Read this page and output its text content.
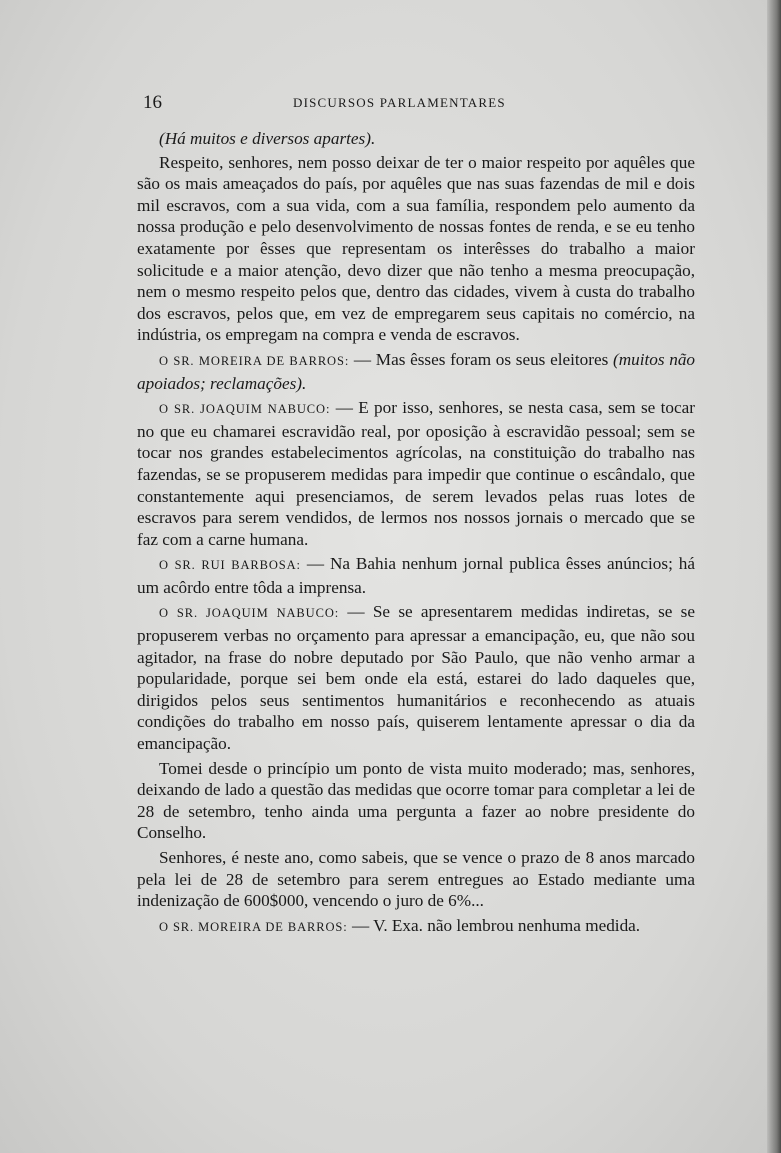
16	DISCURSOS PARLAMENTARES

(Há muitos e diversos apartes).

Respeito, senhores, nem posso deixar de ter o maior respeito por aquêles que são os mais ameaçados do país, por aquêles que nas suas fazendas de mil e dois mil escravos, com a sua vida, com a sua família, respondem pelo aumento da nossa produção e pelo desenvolvimento de nossas fontes de renda, e se eu tenho exatamente por êsses que representam os interêsses do trabalho a maior solicitude e a maior atenção, devo dizer que não tenho a mesma preocupação, nem o mesmo respeito pelos que, dentro das cidades, vivem à custa do trabalho dos escravos, pelos que, em vez de empregarem seus capitais no comércio, na indústria, os empregam na compra e venda de escravos.

O SR. MOREIRA DE BARROS: — Mas êsses foram os seus eleitores (muitos não apoiados; reclamações).

O SR. JOAQUIM NABUCO: — E por isso, senhores, se nesta casa, sem se tocar no que eu chamarei escravidão real, por oposição à escravidão pessoal; sem se tocar nos grandes estabelecimentos agrícolas, na constituição do trabalho nas fazendas, se se propuserem medidas para impedir que continue o escândalo, que constantemente aqui presenciamos, de serem levados pelas ruas lotes de escravos para serem vendidos, de lermos nos nossos jornais o mercado que se faz com a carne humana.

O SR. RUI BARBOSA: — Na Bahia nenhum jornal publica êsses anúncios; há um acôrdo entre tôda a imprensa.

O SR. JOAQUIM NABUCO: — Se se apresentarem medidas indiretas, se se propuserem verbas no orçamento para apressar a emancipação, eu, que não sou agitador, na frase do nobre deputado por São Paulo, que não venho armar a popularidade, porque sei bem onde ela está, estarei do lado daqueles que, dirigidos pelos seus sentimentos humanitários e reconhecendo as atuais condições do trabalho em nosso país, quiserem lentamente apressar o dia da emancipação.

Tomei desde o princípio um ponto de vista muito moderado; mas, senhores, deixando de lado a questão das medidas que ocorre tomar para completar a lei de 28 de setembro, tenho ainda uma pergunta a fazer ao nobre presidente do Conselho.

Senhores, é neste ano, como sabeis, que se vence o prazo de 8 anos marcado pela lei de 28 de setembro para serem entregues ao Estado mediante uma indenização de 600$000, vencendo o juro de 6%...

O SR. MOREIRA DE BARROS: — V. Exa. não lembrou nenhuma medida.
